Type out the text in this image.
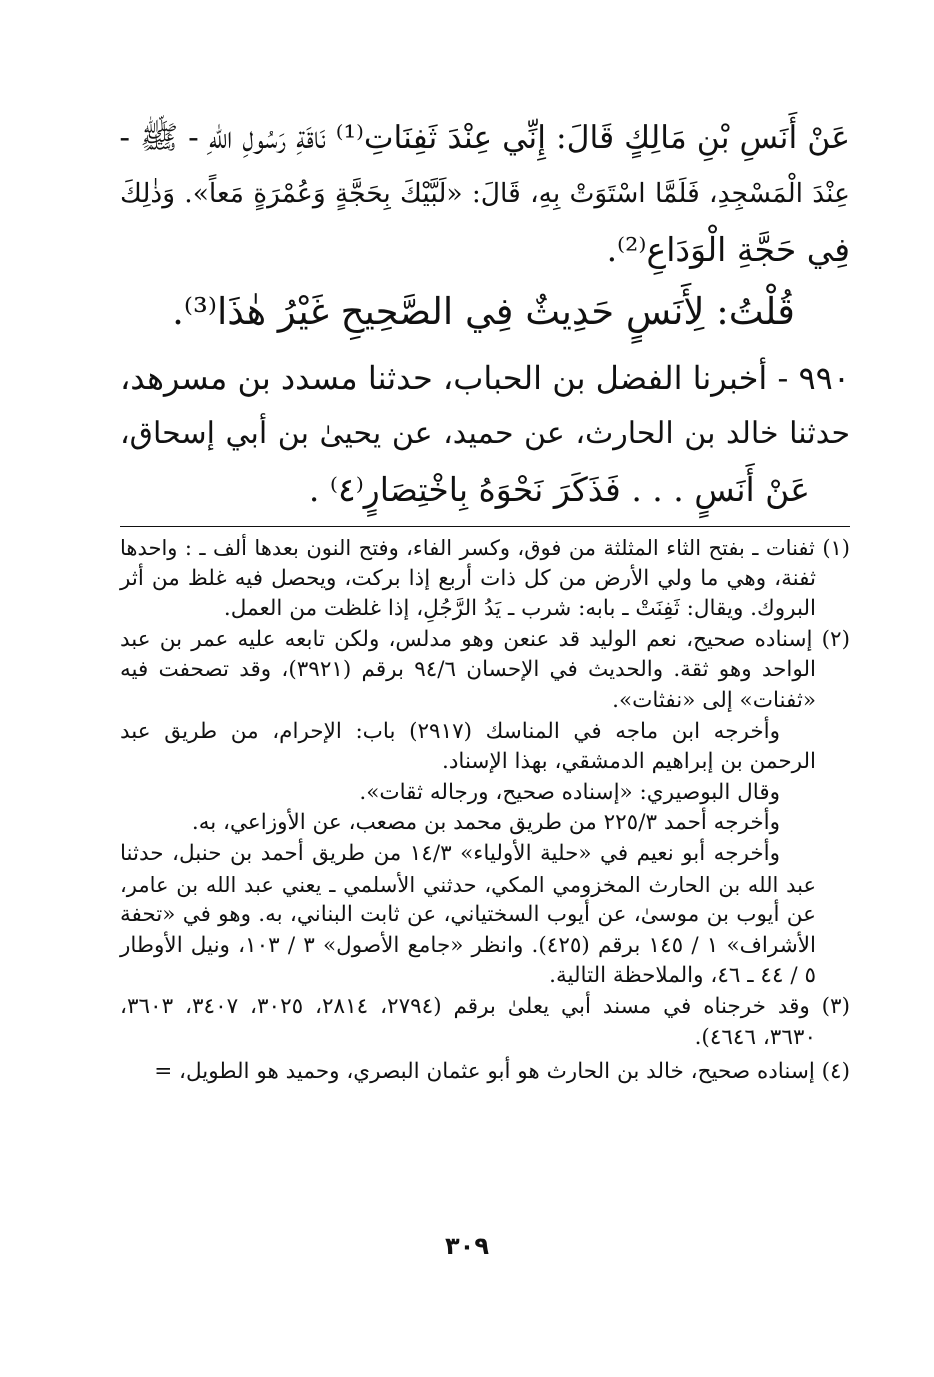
عَنْ أَنَسِ بْنِ مَالِكٍ قَالَ: إِنِّي عِنْدَ ثَفِنَاتِ⁽¹⁾ نَاقَةِ رَسُولِ اللهِ - ﷺ -
عِنْدَ الْمَسْجِدِ، فَلَمَّا اسْتَوَتْ بِهِ، قَالَ: «لَبَّيْكَ بِحَجَّةٍ وَعُمْرَةٍ مَعاً». وَذٰلِكَ
فِي حَجَّةِ الْوَدَاعِ⁽²⁾.
قُلْتُ: لِأَنَسٍ حَدِيثٌ فِي الصَّحِيحِ غَيْرُ هٰذَا⁽³⁾.
٩٩٠ - أخبرنا الفضل بن الحباب، حدثنا مسدد بن مسرهد،
حدثنا خالد بن الحارث، عن حميد، عن يحيىٰ بن أبي إسحاق،
عَنْ أَنَسٍ . . . فَذَكَرَ نَحْوَهُ بِاخْتِصَارٍ⁽٤⁾ .
(١) ثفنات ـ بفتح الثاء المثلثة من فوق، وكسر الفاء، وفتح النون بعدها ألف ـ : واحدها
ثفنة، وهي ما ولي الأرض من كل ذات أربع إذا بركت، ويحصل فيه غلظ من أثر
البروك. ويقال: ثَفِنَتْ ـ بابه: شرب ـ يَدُ الرَّجُلِ، إذا غلظت من العمل.
(٢) إسناده صحيح، نعم الوليد قد عنعن وهو مدلس، ولكن تابعه عليه عمر بن عبد
الواحد وهو ثقة. والحديث في الإحسان ٩٤/٦ برقم (٣٩٢١)، وقد تصحفت فيه
«ثفنات» إلى «نفثات».
وأخرجه ابن ماجه في المناسك (٢٩١٧) باب: الإحرام، من طريق عبد
الرحمن بن إبراهيم الدمشقي، بهذا الإسناد.
وقال البوصيري: «إسناده صحيح، ورجاله ثقات».
وأخرجه أحمد ٢٢٥/٣ من طريق محمد بن مصعب، عن الأوزاعي، به.
وأخرجه أبو نعيم في «حلية الأولياء» ١٤/٣ من طريق أحمد بن حنبل، حدثنا
عبد الله بن الحارث المخزومي المكي، حدثني الأسلمي ـ يعني عبد الله بن عامر،
عن أيوب بن موسىٰ، عن أيوب السختياني، عن ثابت البناني، به. وهو في «تحفة
الأشراف» ١ / ١٤٥ برقم (٤٢٥). وانظر «جامع الأصول» ٣ / ١٠٣، ونيل الأوطار
٥ / ٤٤ ـ ٤٦، والملاحظة التالية.
(٣) وقد خرجناه في مسند أبي يعلىٰ برقم (٢٧٩٤، ٢٨١٤، ٣٠٢٥، ٣٤٠٧، ٣٦٠٣،
٣٦٣٠، ٤٦٤٦).
(٤) إسناده صحيح، خالد بن الحارث هو أبو عثمان البصري، وحميد هو الطويل، =
٣٠٩
